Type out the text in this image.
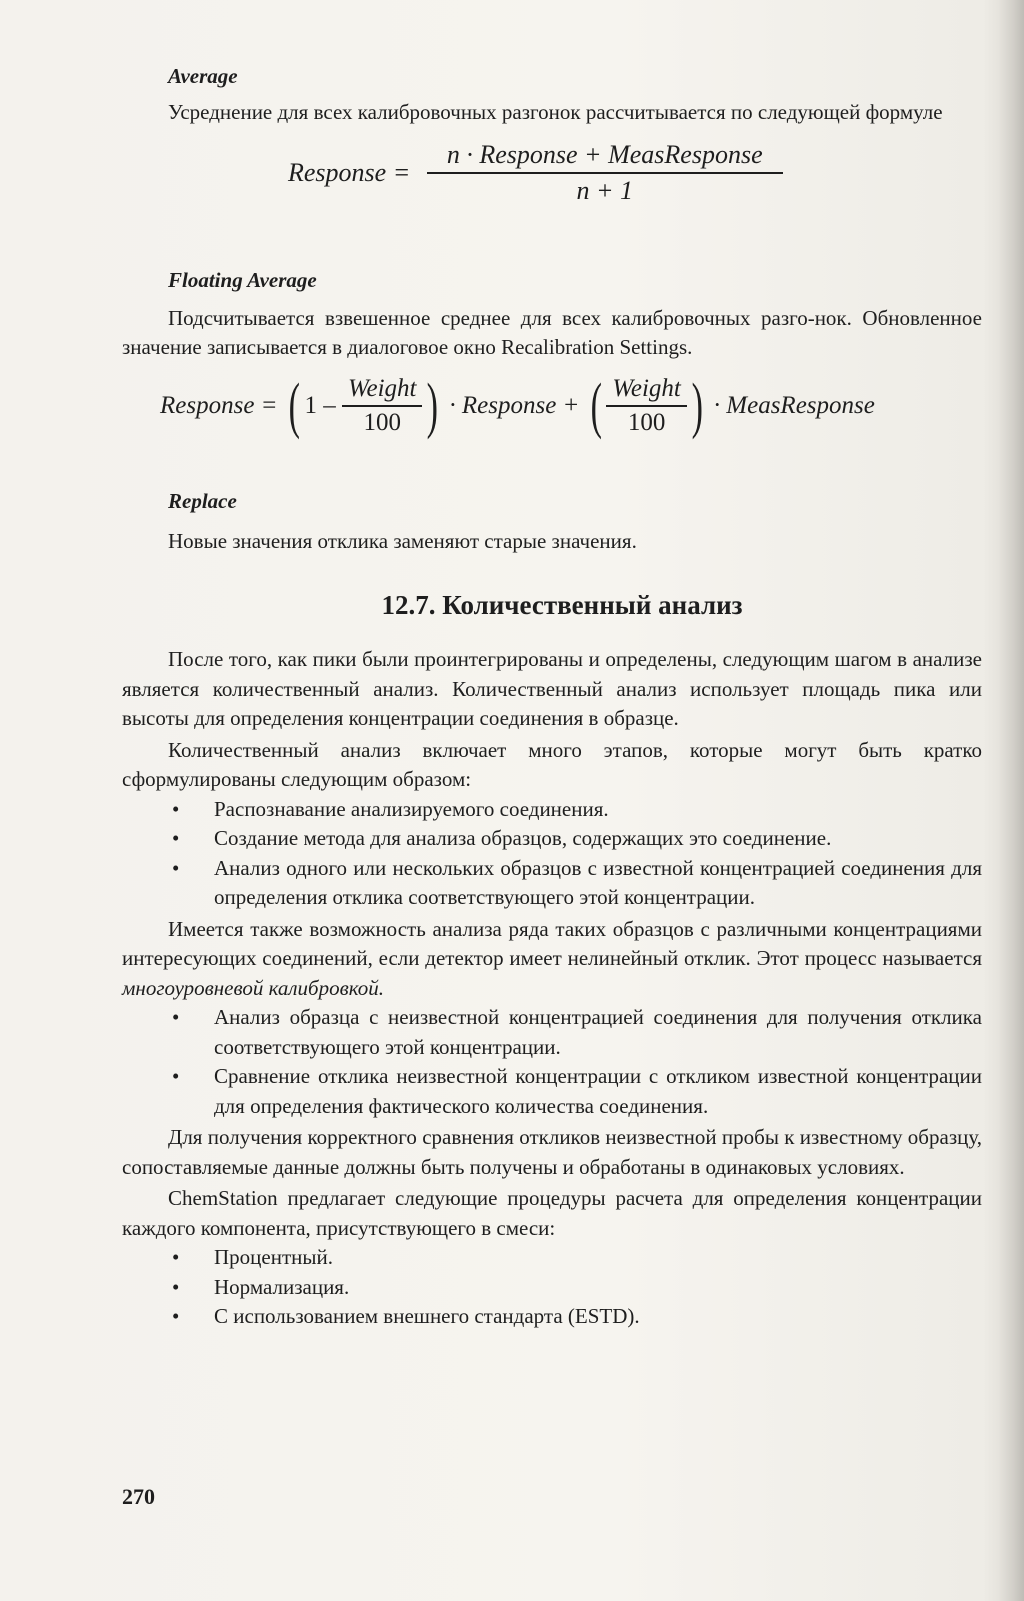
Average

Усреднение для всех калибровочных разгонок рассчитывается по следующей формуле

Response = $\frac{\text{n · Response + MeasResponse}}{n + 1}$
Floating Average

Подсчитывается взвешенное среднее для всех калибровочных разго-нок. Обновленное значение записывается в диалоговое окно Recalibration Settings.

Response = ( $1 - \frac{\text{Weight}}{100}$ ) · Response + ( $\frac{\text{Weight}}{100}$ ) · MeasResponse
Replace

Новые значения отклика заменяют старые значения.

12.7. Количественный анализ

После того, как пики были проинтегрированы и определены, следующим шагом в анализе является количественный анализ. Количественный анализ использует площадь пика или высоты для определения концентрации соединения в образце.

Количественный анализ включает много этапов, которые могут быть кратко сформулированы следующим образом:

• Распознавание анализируемого соединения.
• Создание метода для анализа образцов, содержащих это соединение.
• Анализ одного или нескольких образцов с известной концентрацией соединения для определения отклика соответствующего этой концентрации.

Имеется также возможность анализа ряда таких образцов с различными концентрациями интересующих соединений, если детектор имеет нелинейный отклик. Этот процесс называется многоуровневой калибровкой.

• Анализ образца с неизвестной концентрацией соединения для получения отклика соответствующего этой концентрации.
• Сравнение отклика неизвестной концентрации с откликом известной концентрации для определения фактического количества соединения.

Для получения корректного сравнения откликов неизвестной пробы к известному образцу, сопоставляемые данные должны быть получены и обработаны в одинаковых условиях.

ChemStation предлагает следующие процедуры расчета для определения концентрации каждого компонента, присутствующего в смеси:

• Процентный.
• Нормализация.
• С использованием внешнего стандарта (ESTD).
270
